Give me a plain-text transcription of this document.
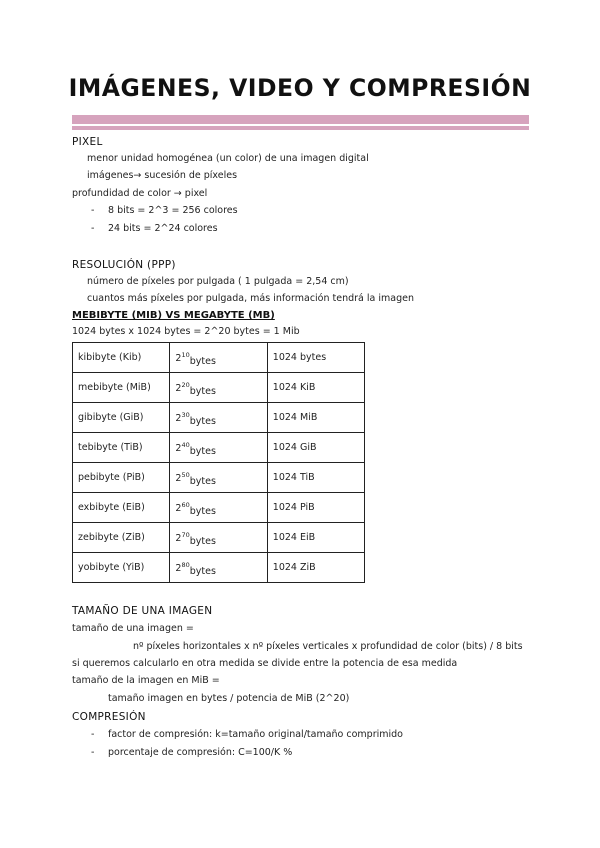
IMÁGENES, VIDEO Y COMPRESIÓN
PIXEL
menor unidad homogénea (un color) de una imagen digital
imágenes→ sucesión de píxeles
profundidad de color → pixel
- 8 bits = 2^3 = 256 colores
- 24 bits = 2^24 colores
RESOLUCIÓN (PPP)
número de píxeles por pulgada ( 1 pulgada = 2,54 cm)
cuantos más píxeles por pulgada, más información tendrá la imagen
MEBIBYTE (MIB) VS MEGABYTE (MB)
1024 bytes x 1024 bytes = 2^20 bytes = 1 Mib
kibibyte (Kib)	$2^{10}bytes$	1024 bytes
mebibyte (MiB)	$2^{20}bytes$	1024 KiB
gibibyte (GiB)	$2^{30}bytes$	1024 MiB
tebibyte (TiB)	$2^{40}bytes$	1024 GiB
pebibyte (PiB)	$2^{50}bytes$	1024 TiB
exbibyte (EiB)	$2^{60}bytes$	1024 PiB
zebibyte (ZiB)	$2^{70}bytes$	1024 EiB
yobibyte (YiB)	$2^{80}bytes$	1024 ZiB
TAMAÑO DE UNA IMAGEN
tamaño de una imagen =
nº píxeles horizontales x nº píxeles verticales x profundidad de color (bits) / 8 bits
si queremos calcularlo en otra medida se divide entre la potencia de esa medida
tamaño de la imagen en MiB =
tamaño imagen en bytes / potencia de MiB (2^20)
COMPRESIÓN
- factor de compresión: k=tamaño original/tamaño comprimido
- porcentaje de compresión: C=100/K %
